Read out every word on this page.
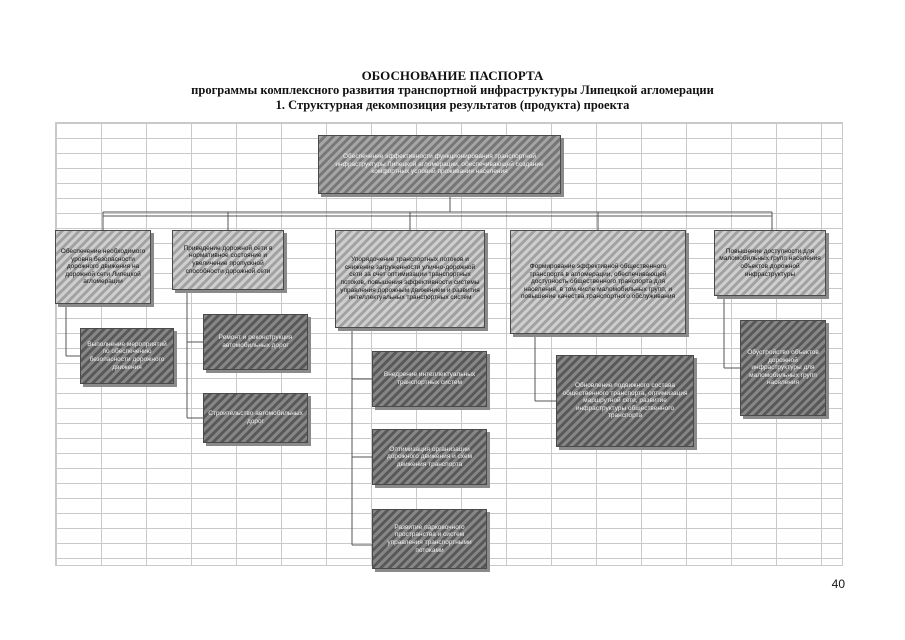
ОБОСНОВАНИЕ ПАСПОРТА
программы комплексного развития транспортной инфраструктуры Липецкой агломерации
1. Структурная декомпозиция результатов (продукта) проекта
Обеспечение эффективности функционирования транспортной инфраструктуры Липецкой агломерации, обеспечивающей создание комфортных условий проживания населения
Обеспечение необходимого уровня безопасности дорожного движения на дорожной сети Липецкой агломерации
Приведение дорожной сети в нормативное состояние и увеличение пропускной способности дорожной сети
Упорядочение транспортных потоков и снижение загруженности улично-дорожной сети за счет оптимизации транспортных потоков, повышения эффективности системы управления дорожным движением и развития интеллектуальных транспортных систем
Формирование эффективной общественного транспорта в агломерации, обеспечивающей доступность общественного транспорта для населения, в том числе маломобильных групп, и повышение качества транспортного обслуживания
Повышение доступности для маломобильных групп населения объектов дорожной инфраструктуры
Выполнение мероприятий по обеспечению безопасности дорожного движения
Ремонт и реконструкция автомобильных дорог
Строительство автомобильных дорог
Внедрение интеллектуальных транспортных систем
Оптимизация организации дорожного движения и схем движения транспорта
Развитие парковочного пространства и систем управления транспортными потоками
Обновление подвижного состава общественного транспорта, оптимизация маршрутной сети, развитие инфраструктуры общественного транспорта
Обустройство объектов дорожной инфраструктуры для маломобильных групп населения
40
